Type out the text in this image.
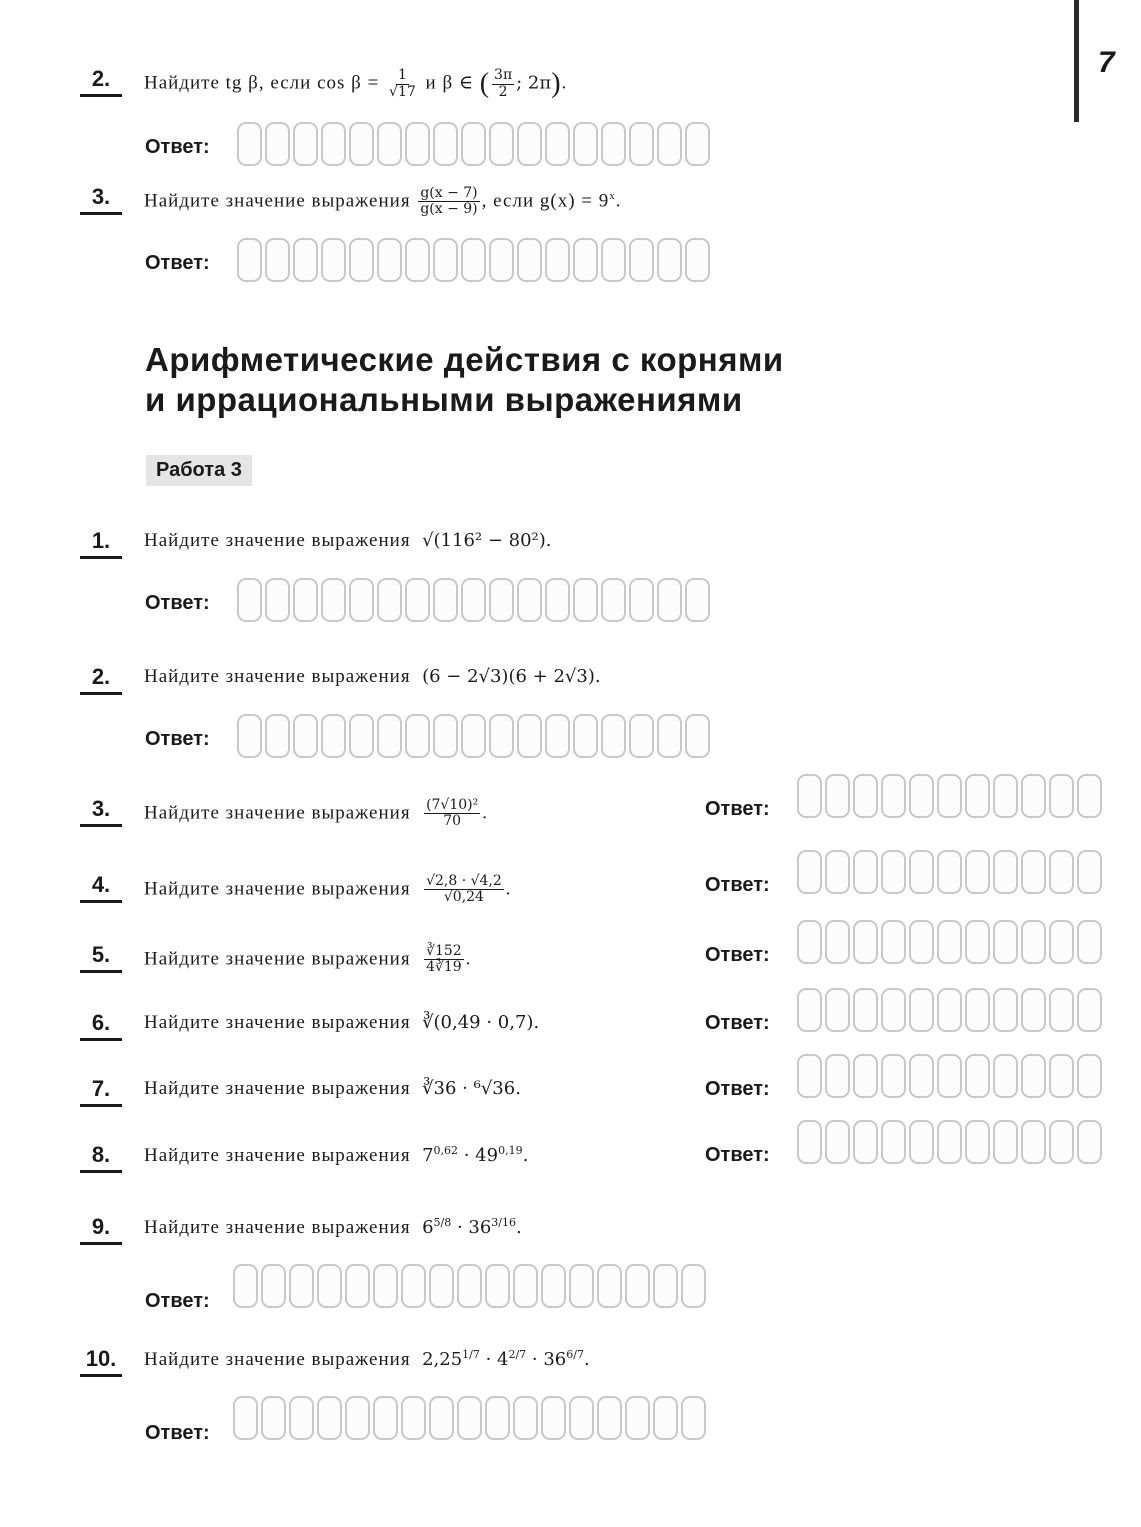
7
2.	Найдите tg β, если $\cos \beta = \frac{1}{√17}$ и β ∈ ( $\frac{3\pi}{2}$ ; 2π).
Ответ:
3.	Найдите значение выражения $\frac{g(x - 7)}{g(x - 9)}$ , если $g(x) = 9^x$.
Ответ:
Арифметические действия с корнями
и иррациональными выражениями
Работа 3
1.	Найдите значение выражения √(116² − 80²).
Ответ:
2.	Найдите значение выражения (6 − 2√3)(6 + 2√3).
Ответ:
3.	Найдите значение выражения $\frac{\text{(7√10)²}}{70}$ .	Ответ:
4.	Найдите значение выражения $\frac{√2,8 \cdot √4,2}{√0,24}$ .	Ответ:
5.	Найдите значение выражения $\frac{∛152}{4∛19}$ .	Ответ:
6.	Найдите значение выражения ∛(0,49 · 0,7).	Ответ:
7.	Найдите значение выражения ∛36 · ⁶√36.	Ответ:
8.	Найдите значение выражения $7^{0,62} \cdot 49^{0,19}$.	Ответ:
9.	Найдите значение выражения $6^{5/8} \cdot 36^{3/16}$.
Ответ:
10.	Найдите значение выражения $2,25^{1/7} \cdot 4^{2/7} \cdot 36^{6/7}$.
Ответ:
